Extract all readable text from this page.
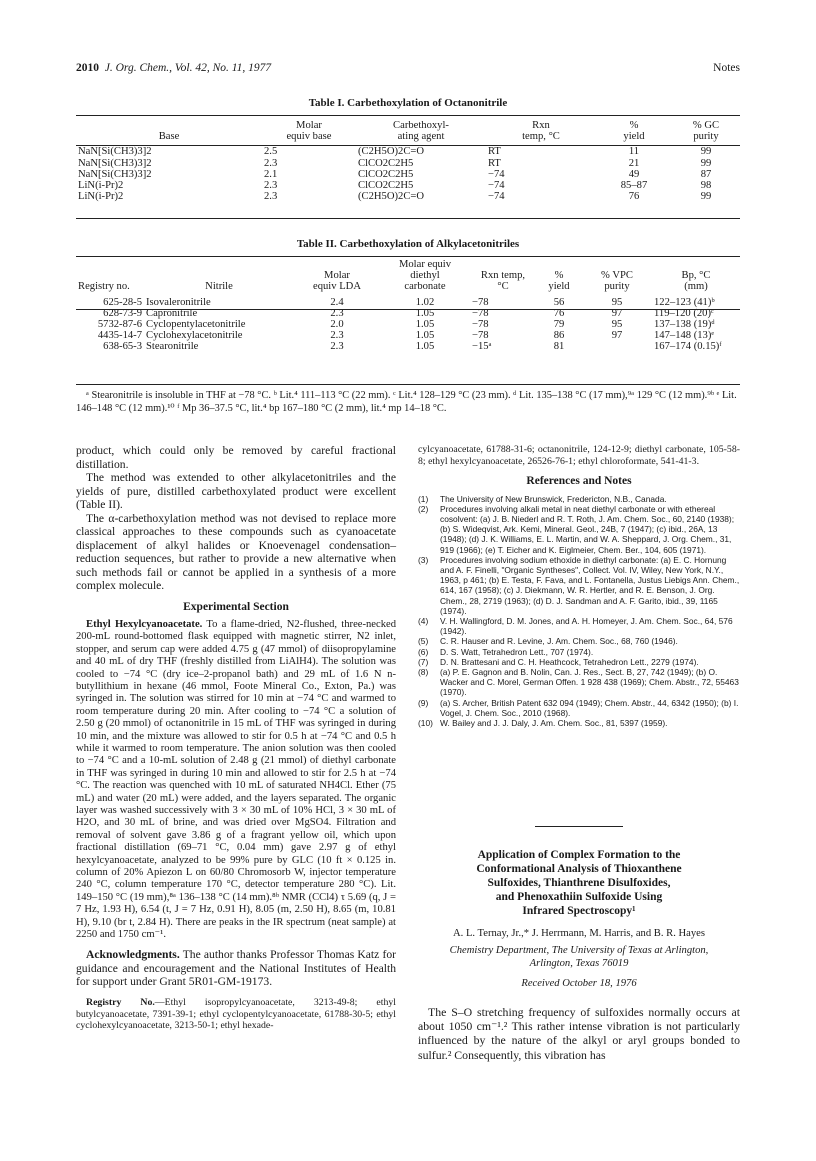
2010 J. Org. Chem., Vol. 42, No. 11, 1977	Notes
Table I. Carbethoxylation of Octanonitrile
	Molar	Carbethoxyl-	Rxn	%	% GC
Base	equiv base	ating agent	temp, °C	yield	purity

NaN[Si(CH3)3]2	2.5	(C2H5O)2C=O	RT	11	99
NaN[Si(CH3)3]2	2.3	ClCO2C2H5	RT	21	99
NaN[Si(CH3)3]2	2.1	ClCO2C2H5	−74	49	87
LiN(i-Pr)2	2.3	ClCO2C2H5	−74	85–87	98
LiN(i-Pr)2	2.3	(C2H5O)2C=O	−74	76	99
Table II. Carbethoxylation of Alkylacetonitriles
			Molar equiv				
		Molar	diethyl	Rxn temp,	%	% VPC	Bp, °C
Registry no.	Nitrile	equiv LDA	carbonate	°C	yield	purity	(mm)

625-28-5	Isovaleronitrile	2.4	1.02	−78	56	95	122–123 (41)ᵇ
628-73-9	Capronitrile	2.3	1.05	−78	76	97	119–120 (20)ᶜ
5732-87-6	Cyclopentylacetonitrile	2.0	1.05	−78	79	95	137–138 (19)ᵈ
4435-14-7	Cyclohexylacetonitrile	2.3	1.05	−78	86	97	147–148 (13)ᵉ
638-65-3	Stearonitrile	2.3	1.05	−15ᵃ	81		167–174 (0.15)ᶠ
ᵃ Stearonitrile is insoluble in THF at −78 °C. ᵇ Lit.⁴ 111–113 °C (22 mm). ᶜ Lit.⁴ 128–129 °C (23 mm). ᵈ Lit. 135–138 °C (17 mm),⁹ᵃ 129 °C (12 mm).⁹ᵇ ᵉ Lit. 146–148 °C (12 mm).¹⁰ ᶠ Mp 36–37.5 °C, lit.⁴ bp 167–180 °C (2 mm), lit.⁴ mp 14–18 °C.

product, which could only be removed by careful fractional distillation.

The method was extended to other alkylacetonitriles and the yields of pure, distilled carbethoxylated product were excellent (Table II).

The α-carbethoxylation method was not devised to replace more classical approaches to these compounds such as cyanoacetate displacement of alkyl halides or Knoevenagel condensation–reduction sequences, but rather to provide a new alternative when such methods fail or cannot be applied in a synthesis of a more complex molecule.

Experimental Section

Ethyl Hexylcyanoacetate. To a flame-dried, N2-flushed, three-necked 200-mL round-bottomed flask equipped with magnetic stirrer, N2 inlet, stopper, and serum cap were added 4.75 g (47 mmol) of diisopropylamine and 40 mL of dry THF (freshly distilled from LiAlH4). The solution was cooled to −74 °C (dry ice–2-propanol bath) and 29 mL of 1.6 N n-butyllithium in hexane (46 mmol, Foote Mineral Co., Exton, Pa.) was syringed in. The solution was stirred for 10 min at −74 °C and warmed to room temperature during 20 min. After cooling to −74 °C a solution of 2.50 g (20 mmol) of octanonitrile in 15 mL of THF was syringed in during 10 min, and the mixture was allowed to stir for 0.5 h at −74 °C and 0.5 h while it warmed to room temperature. The anion solution was then cooled to −74 °C and a 10-mL solution of 2.48 g (21 mmol) of diethyl carbonate in THF was syringed in during 10 min and allowed to stir for 2.5 h at −74 °C. The reaction was quenched with 10 mL of saturated NH4Cl. Ether (75 mL) and water (20 mL) were added, and the layers separated. The organic layer was washed successively with 3 × 30 mL of 10% HCl, 3 × 30 mL of H2O, and 30 mL of brine, and was dried over MgSO4. Filtration and removal of solvent gave 3.86 g of a fragrant yellow oil, which upon fractional distillation (69–71 °C, 0.04 mm) gave 2.97 g of ethyl hexylcyanoacetate, analyzed to be 99% pure by GLC (10 ft × 0.125 in. column of 20% Apiezon L on 60/80 Chromosorb W, injector temperature 240 °C, column temperature 170 °C, detector temperature 280 °C). Lit. 149–150 °C (19 mm),⁸ᵃ 136–138 °C (14 mm).⁸ᵇ NMR (CCl4) τ 5.69 (q, J = 7 Hz, 1.93 H), 6.54 (t, J = 7 Hz, 0.91 H), 8.05 (m, 2.50 H), 8.65 (m, 10.81 H), 9.10 (br t, 2.84 H). There are peaks in the IR spectrum (neat sample) at 2250 and 1750 cm⁻¹.

Acknowledgments. The author thanks Professor Thomas Katz for guidance and encouragement and the National Institutes of Health for support under Grant 5R01-GM-19173.

Registry No.—Ethyl isopropylcyanoacetate, 3213-49-8; ethyl butylcyanoacetate, 7391-39-1; ethyl cyclopentylcyanoacetate, 61788-30-5; ethyl cyclohexylcyanoacetate, 3213-50-1; ethyl hexade-

cylcyanoacetate, 61788-31-6; octanonitrile, 124-12-9; diethyl carbonate, 105-58-8; ethyl hexylcyanoacetate, 26526-76-1; ethyl chloroformate, 541-41-3.

References and Notes
(1) The University of New Brunswick, Fredericton, N.B., Canada.
(2) Procedures involving alkali metal in neat diethyl carbonate or with ethereal cosolvent: (a) J. B. Niederl and R. T. Roth, J. Am. Chem. Soc., 60, 2140 (1938); (b) S. Wideqvist, Ark. Kemi, Mineral. Geol., 24B, 7 (1947); (c) ibid., 26A, 13 (1948); (d) J. K. Williams, E. L. Martin, and W. A. Sheppard, J. Org. Chem., 31, 919 (1966); (e) T. Eicher and K. Eiglmeier, Chem. Ber., 104, 605 (1971).
(3) Procedures involving sodium ethoxide in diethyl carbonate: (a) E. C. Hornung and A. F. Finelli, "Organic Syntheses", Collect. Vol. IV, Wiley, New York, N.Y., 1963, p 461; (b) E. Testa, F. Fava, and L. Fontanella, Justus Liebigs Ann. Chem., 614, 167 (1958); (c) J. Diekmann, W. R. Hertler, and R. E. Benson, J. Org. Chem., 28, 2719 (1963); (d) D. J. Sandman and A. F. Garito, ibid., 39, 1165 (1974).
(4) V. H. Wallingford, D. M. Jones, and A. H. Homeyer, J. Am. Chem. Soc., 64, 576 (1942).
(5) C. R. Hauser and R. Levine, J. Am. Chem. Soc., 68, 760 (1946).
(6) D. S. Watt, Tetrahedron Lett., 707 (1974).
(7) D. N. Brattesani and C. H. Heathcock, Tetrahedron Lett., 2279 (1974).
(8) (a) P. E. Gagnon and B. Nolin, Can. J. Res., Sect. B, 27, 742 (1949); (b) O. Wacker and C. Morel, German Offen. 1 928 438 (1969); Chem. Abstr., 72, 55463 (1970).
(9) (a) S. Archer, British Patent 632 094 (1949); Chem. Abstr., 44, 6342 (1950); (b) I. Vogel, J. Chem. Soc., 2010 (1968).
(10) W. Bailey and J. J. Daly, J. Am. Chem. Soc., 81, 5397 (1959).
Application of Complex Formation to the
Conformational Analysis of Thioxanthene
Sulfoxides, Thianthrene Disulfoxides,
and Phenoxathiin Sulfoxide Using
Infrared Spectroscopy¹
A. L. Ternay, Jr.,* J. Herrmann, M. Harris, and B. R. Hayes
Chemistry Department, The University of Texas at Arlington, Arlington, Texas 76019
Received October 18, 1976
The S–O stretching frequency of sulfoxides normally occurs at about 1050 cm⁻¹.² This rather intense vibration is not particularly influenced by the nature of the alkyl or aryl groups bonded to sulfur.² Consequently, this vibration has
